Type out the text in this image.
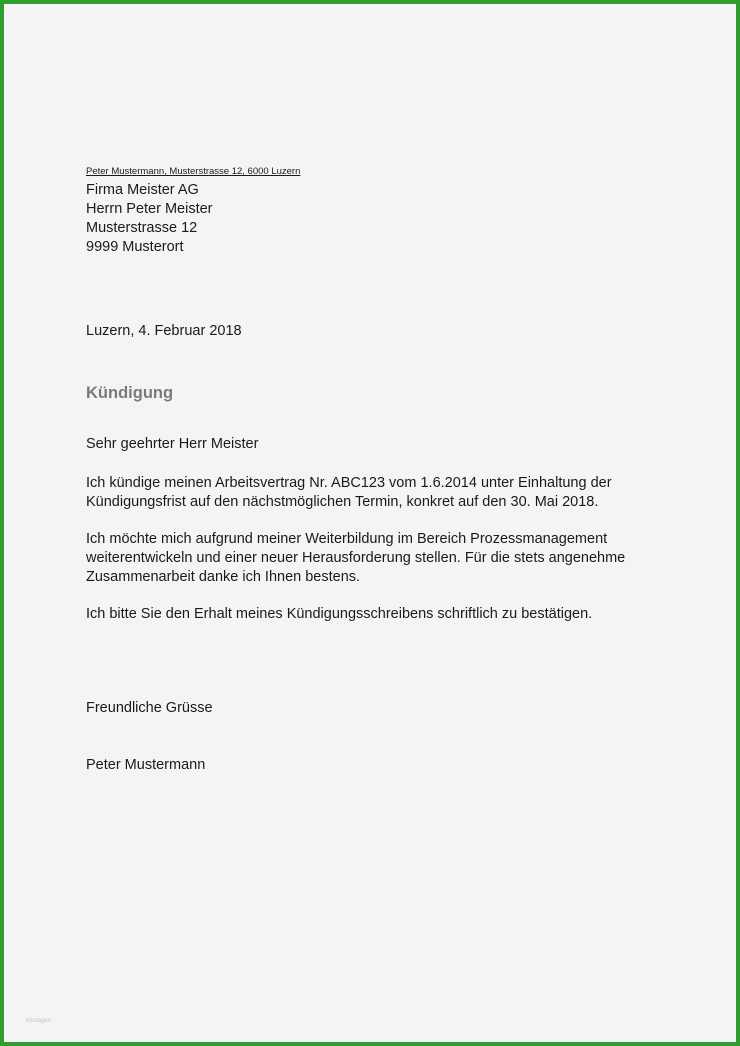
Peter Mustermann, Musterstrasse 12, 6000 Luzern
Firma Meister AG
Herrn Peter Meister
Musterstrasse 12
9999 Musterort
Luzern, 4. Februar 2018
Kündigung
Sehr geehrter Herr Meister
Ich kündige meinen Arbeitsvertrag Nr. ABC123 vom 1.6.2014 unter Einhaltung der
Kündigungsfrist auf den nächstmöglichen Termin, konkret auf den 30. Mai 2018.
Ich möchte mich aufgrund meiner Weiterbildung im Bereich Prozessmanagement
weiterentwickeln und einer neuer Herausforderung stellen. Für die stets angenehme
Zusammenarbeit danke ich Ihnen bestens.
Ich bitte Sie den Erhalt meines Kündigungsschreibens schriftlich zu bestätigen.
Freundliche Grüsse
Peter Mustermann
bfodagen
